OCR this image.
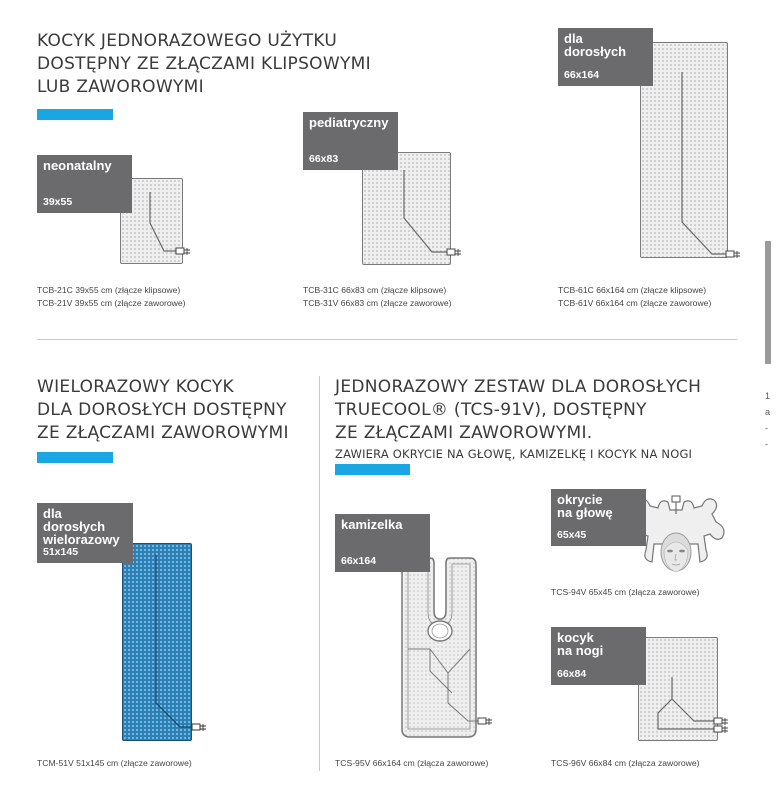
KOCYK JEDNORAZOWEGO UŻYTKU
DOSTĘPNY ZE ZŁĄCZAMI KLIPSOWYMI
LUB ZAWOROWYMI
neonatalny
39x55
TCB-21C 39x55 cm (złącze klipsowe)
TCB-21V 39x55 cm (złącze zaworowe)
pediatryczny
66x83
TCB-31C 66x83 cm (złącze klipsowe)
TCB-31V 66x83 cm (złącze zaworowe)
dla dorosłych
66x164
TCB-61C 66x164 cm (złącze klipsowe)
TCB-61V 66x164 cm (złącze zaworowe)
WIELORAZOWY KOCYK
DLA DOROSŁYCH DOSTĘPNY
ZE ZŁĄCZAMI ZAWOROWYMI
dla dorosłych
wielorazowy
51x145
TCM-51V 51x145 cm (złącze zaworowe)
JEDNORAZOWY ZESTAW DLA DOROSŁYCH
TRUECOOL® (TCS-91V), DOSTĘPNY
ZE ZŁĄCZAMI ZAWOROWYMI.
ZAWIERA OKRYCIE NA GŁOWĘ, KAMIZELKĘ I KOCYK NA NOGI
kamizelka
66x164
TCS-95V 66x164 cm (złącza zaworowe)
okrycie
na głowę
65x45
TCS-94V 65x45 cm (złącza zaworowe)
kocyk
na nogi
66x84
TCS-96V 66x84 cm (złącza zaworowe)
1
a
-
-
